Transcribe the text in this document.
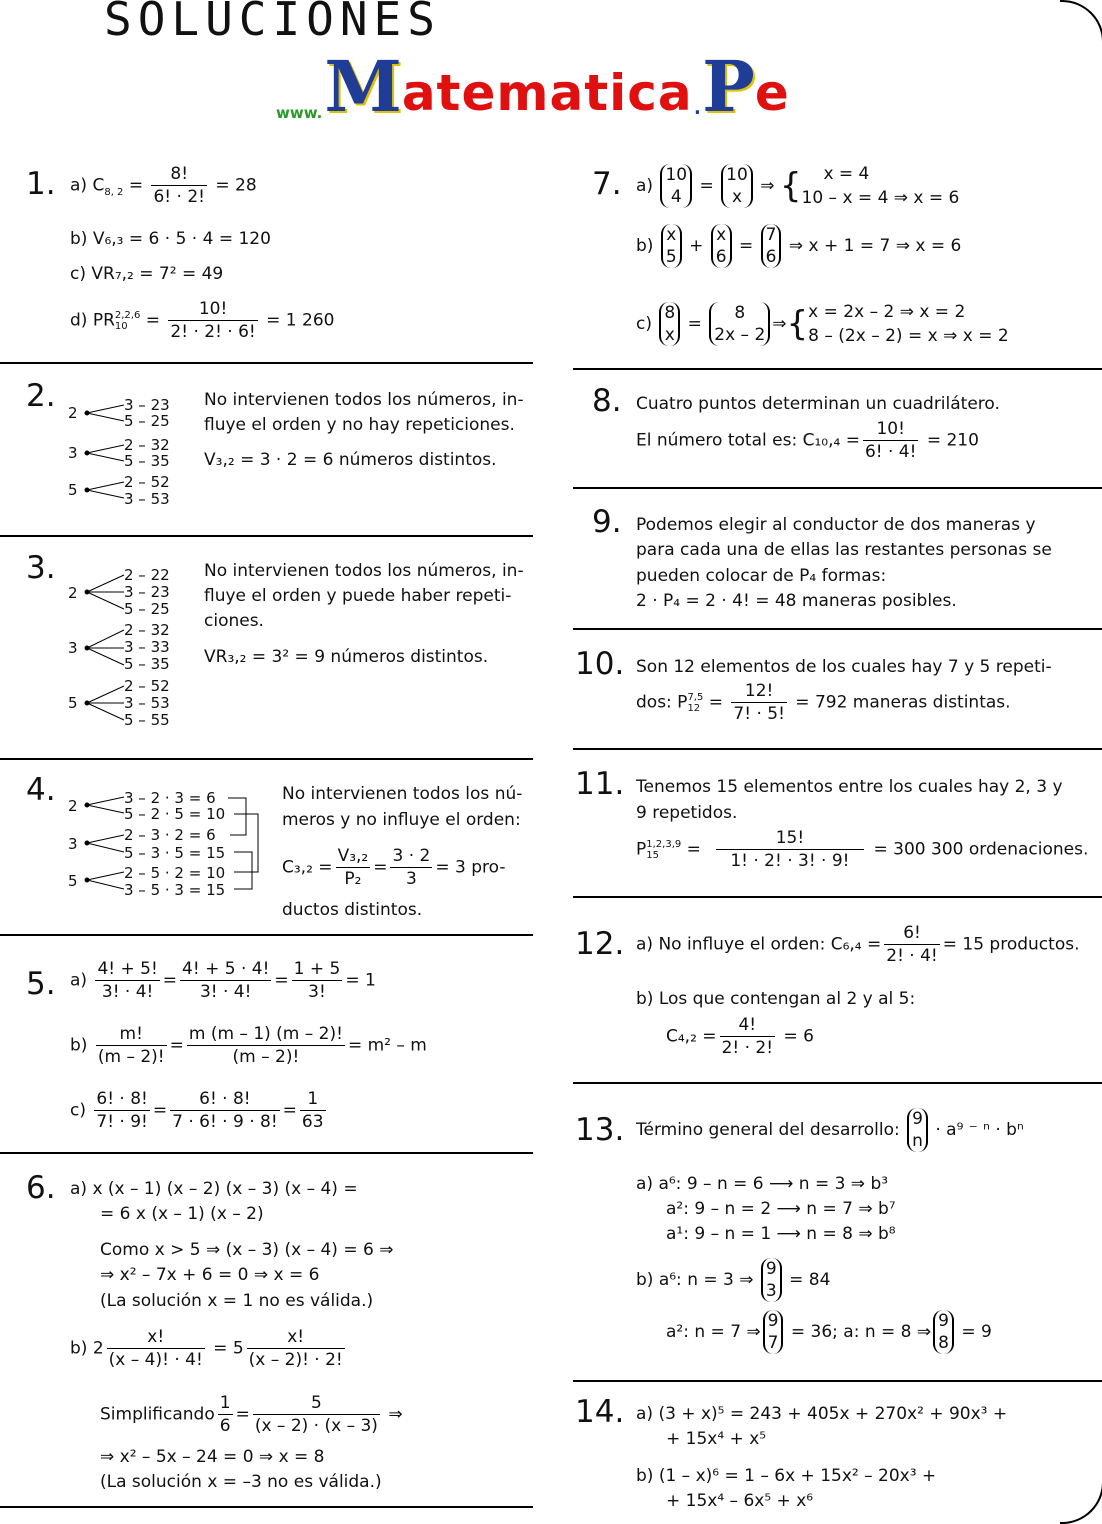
SOLUCIONES
www.Matematica.Pe
1. a) $C_{8, 2} = \frac{8!}{6! \cdot 2!} = 28$
b) V₆,₃ = 6 · 5 · 4 = 120
c) VR₇,₂ = 7² = 49
d) PR 2,2,6
$10 = \frac{10!}{2! \cdot 2! \cdot 6!} = 1$ 260
2. 2	3 – 23
5 – 25
3	2 – 32
5 – 35
5	2 – 52
3 – 53
No intervienen todos los números, in-
fluye el orden y no hay repeticiones.
V₃,₂ = 3 · 2 = 6 números distintos.
3.
2
2 – 22
3 – 23
5 – 25
3
2 – 32
3 – 33
5 – 35
5
2 – 52
3 – 53
5 – 55
No intervienen todos los números, in-
fluye el orden y puede haber repeti-
ciones.
VR₃,₂ = 3² = 9 números distintos.
4. 2	3 – 2 · 3 = 6
5 – 2 · 5 = 10
3	2 – 3 · 2 = 6
5 – 3 · 5 = 15
5	2 – 5 · 2 = 10
3 – 5 · 3 = 15
No intervienen todos los nú-
meros y no influye el orden:
$C_3,_2 = \frac{\text{V₃,₂}}{\text{P₂}} = \frac{3 \cdot 2}{3} = 3$ pro-
ductos distintos.
5. $a) \frac{4! + 5!}{3! \cdot 4!} = \frac{4! + 5 \cdot 4!}{3! \cdot 4!} = \frac{1 + 5}{3!} = 1$
$b) \frac{m!}{(m - 2)!} = \frac{m (m - 1) (m - 2)!}{(m - 2)!} = m^2 - m$
$c) \frac{6! \cdot 8!}{7! \cdot 9!} = \frac{6! \cdot 8!}{7 \cdot 6! \cdot 9 \cdot 8!} = \frac{1}{63}$
6. a) x (x – 1) (x – 2) (x – 3) (x – 4) =
= 6 x (x – 1) (x – 2)
Como x > 5 ⇒ (x – 3) (x – 4) = 6 ⇒
⇒ x² – 7x + 6 = 0 ⇒ x = 6
(La solución x = 1 no es válida.)
b) $2 \frac{x!}{(x - 4)! \cdot 4!} = 5 \frac{x!}{(x - 2)! \cdot 2!}$
Simplificando $\frac{1}{6} = \frac{5}{(x - 2) \cdot (x - 3)}$ ⇒
⇒ x² – 5x – 24 = 0 ⇒ x = 8
(La solución x = –3 no es válida.)
7. a)
10
4
=
10
x
⇒ {	x = 4
10 – x = 4 ⇒ x = 6
b)
x
5
+
x
6
=
7
6
⇒ x + 1 = 7 ⇒ x = 6
c)
8
x
=
8
2x – 2
⇒{ x = 2x – 2 ⇒ x = 2
8 – (2x – 2) = x ⇒ x = 2
8. Cuatro puntos determinan un cuadrilátero.
El número total es: $C_{10},_4 = \frac{10!}{6! \cdot 4!} = 210$
9. Podemos elegir al conductor de dos maneras y
para cada una de ellas las restantes personas se
pueden colocar de P₄ formas:
2 · P₄ = 2 · 4! = 48 maneras posibles.
10. Son 12 elementos de los cuales hay 7 y 5 repeti-
dos: P 7,5
$12 = \frac{12!}{7! \cdot 5!} = 792$ maneras distintas.
11. Tenemos 15 elementos entre los cuales hay 2, 3 y
9 repetidos.
P 1,2,3,9
15	= $\frac{15!}{1! \cdot 2! \cdot 3! \cdot 9!} = 300$ 300 ordenaciones.
12. a) No influye el orden: $C_6,_4 = \frac{6!}{2! \cdot 4!} = 15$ productos.
b) Los que contengan al 2 y al 5:
$C_4,_2 = \frac{4!}{2! \cdot 2!} = 6$
13. Término general del desarrollo:
9
n
· a⁹ ⁻ ⁿ · bⁿ
a) a⁶: 9 – n = 6 ⟶ n = 3 ⇒ b³
a²: 9 – n = 2 ⟶ n = 7 ⇒ b⁷
a¹: 9 – n = 1 ⟶ n = 8 ⇒ b⁸
b) a⁶: n = 3 ⇒
9
3
= 84
a²: n = 7 ⇒
9
7
= 36; a: n = 8 ⇒
9
8
= 9
14. a) (3 + x)⁵ = 243 + 405x + 270x² + 90x³ +
+ 15x⁴ + x⁵
b) (1 – x)⁶ = 1 – 6x + 15x² – 20x³ +
+ 15x⁴ – 6x⁵ + x⁶
